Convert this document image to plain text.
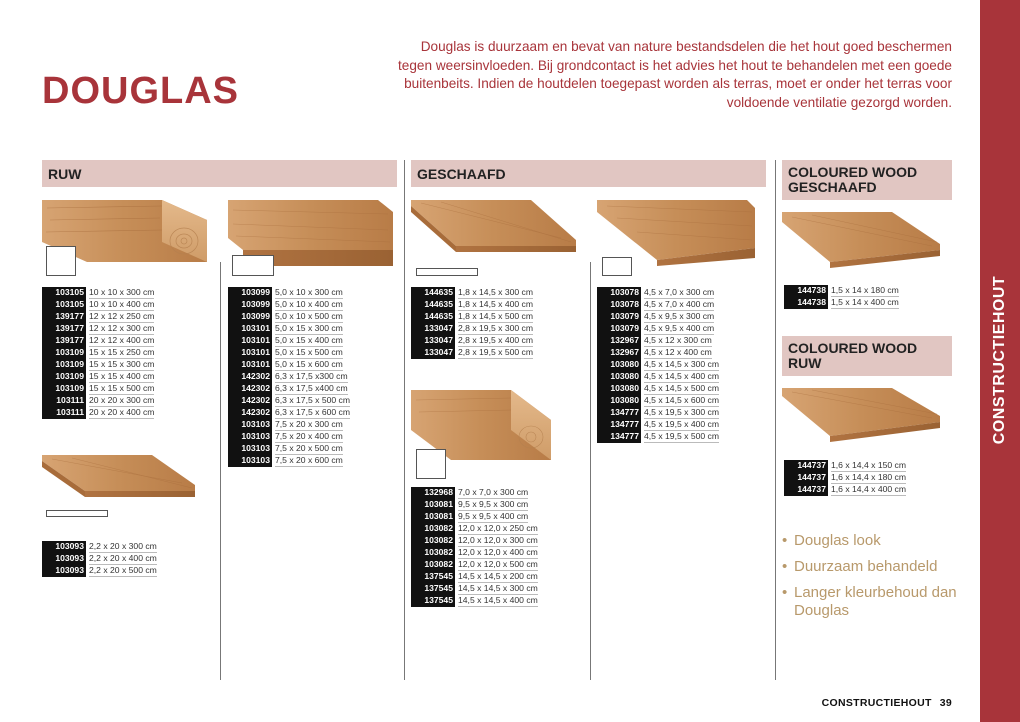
DOUGLAS
Douglas is duurzaam en bevat van nature bestandsdelen die het hout goed beschermen tegen weersinvloeden. Bij grondcontact is het advies het hout te behandelen met een goede buitenbeits. Indien de houtdelen toegepast worden als terras, moet er onder het terras voor voldoende ventilatie gezorgd worden.
CONSTRUCTIEHOUT
RUW	GESCHAAFD	COLOURED WOOD
GESCHAAFD
COLOURED WOOD
RUW
103105 10 x 10 x 300 cm
103105 10 x 10 x 400 cm
139177 12 x 12 x 250 cm
139177 12 x 12 x 300 cm
139177 12 x 12 x 400 cm
103109 15 x 15 x 250 cm
103109 15 x 15 x 300 cm
103109 15 x 15 x 400 cm
103109 15 x 15 x 500 cm
103111 20 x 20 x 300 cm
103111 20 x 20 x 400 cm
103093 2,2 x 20 x 300 cm
103093 2,2 x 20 x 400 cm
103093 2,2 x 20 x 500 cm
103099 5,0 x 10 x 300 cm
103099 5,0 x 10 x 400 cm
103099 5,0 x 10 x 500 cm
103101 5,0 x 15 x 300 cm
103101 5,0 x 15 x 400 cm
103101 5,0 x 15 x 500 cm
103101 5,0 x 15 x 600 cm
142302 6,3 x 17,5 x300 cm
142302 6,3 x 17,5 x400 cm
142302 6,3 x 17,5 x 500 cm
142302 6,3 x 17,5 x 600 cm
103103 7,5 x 20 x 300 cm
103103 7,5 x 20 x 400 cm
103103 7,5 x 20 x 500 cm
103103 7,5 x 20 x 600 cm
144635 1,8 x 14,5 x 300 cm
144635 1,8 x 14,5 x 400 cm
144635 1,8 x 14,5 x 500 cm
133047 2,8 x 19,5 x 300 cm
133047 2,8 x 19,5 x 400 cm
133047 2,8 x 19,5 x 500 cm
132968 7,0 x 7,0 x 300 cm
103081 9,5 x 9,5 x 300 cm
103081 9,5 x 9,5 x 400 cm
103082 12,0 x 12,0 x 250 cm
103082 12,0 x 12,0 x 300 cm
103082 12,0 x 12,0 x 400 cm
103082 12,0 x 12,0 x 500 cm
137545 14,5 x 14,5 x 200 cm
137545 14,5 x 14,5 x 300 cm
137545 14,5 x 14,5 x 400 cm
103078 4,5 x 7,0 x 300 cm
103078 4,5 x 7,0 x 400 cm
103079 4,5 x 9,5 x 300 cm
103079 4,5 x 9,5 x 400 cm
132967 4,5 x 12 x 300 cm
132967 4,5 x 12 x 400 cm
103080 4,5 x 14,5 x 300 cm
103080 4,5 x 14,5 x 400 cm
103080 4,5 x 14,5 x 500 cm
103080 4,5 x 14,5 x 600 cm
134777 4,5 x 19,5 x 300 cm
134777 4,5 x 19,5 x 400 cm
134777 4,5 x 19,5 x 500 cm
144738 1,5 x 14 x 180 cm
144738 1,5 x 14 x 400 cm
144737 1,6 x 14,4 x 150 cm
144737 1,6 x 14,4 x 180 cm
144737 1,6 x 14,4 x 400 cm
• Douglas look
• Duurzaam behandeld
• Langer kleurbehoud dan Douglas
CONSTRUCTIEHOUT 39
